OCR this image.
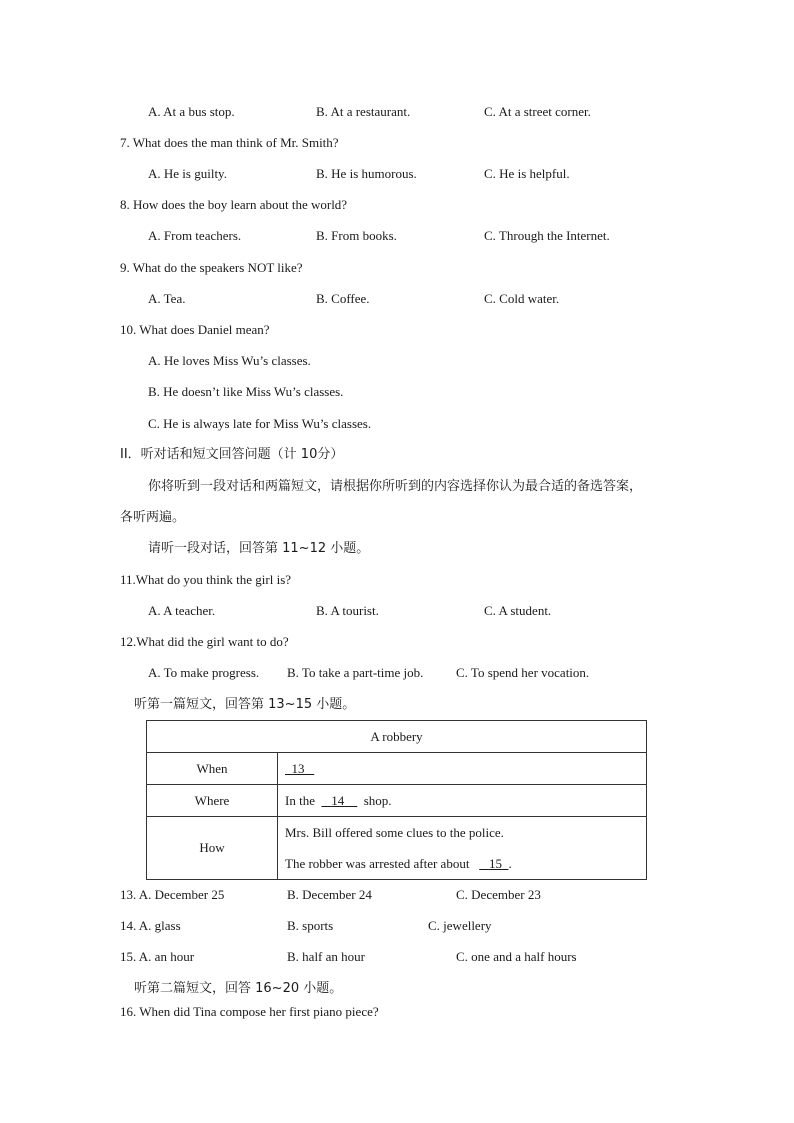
A. At a bus stop.	B. At a restaurant.	C. At a street corner.
7. What does the man think of Mr. Smith?
A. He is guilty.	B. He is humorous.	C. He is helpful.
8. How does the boy learn about the world?
A. From teachers.	B. From books.	C. Through the Internet.
9. What do the speakers NOT like?
A. Tea.	B. Coffee.	C. Cold water.
10. What does Daniel mean?
A. He loves Miss Wu’s classes.
B. He doesn’t like Miss Wu’s classes.
C. He is always late for Miss Wu’s classes.
II．听对话和短文回答问题（计 10分）
你将听到一段对话和两篇短文，请根据你所听到的内容选择你认为最合适的备选答案，
各听两遍。
请听一段对话，回答第 11~12 小题。
11.What do you think the girl is?
A. A teacher.	B. A tourist.	C. A student.
12.What did the girl want to do?
A. To make progress. B. To take a part-time job.	C. To spend her vocation.
听第一篇短文，回答第 13~15 小题。
A robbery	
When	13
Where	In the 14 shop.
How	Mrs. Bill offered some clues to the police.
The robber was arrested after about 15 .
13. A. December 25	B. December 24	C. December 23
14. A. glass	B. sports	C. jewellery
15. A. an hour	B. half an hour	C. one and a half hours
听第二篇短文，回答 16~20 小题。
16. When did Tina compose her first piano piece?
